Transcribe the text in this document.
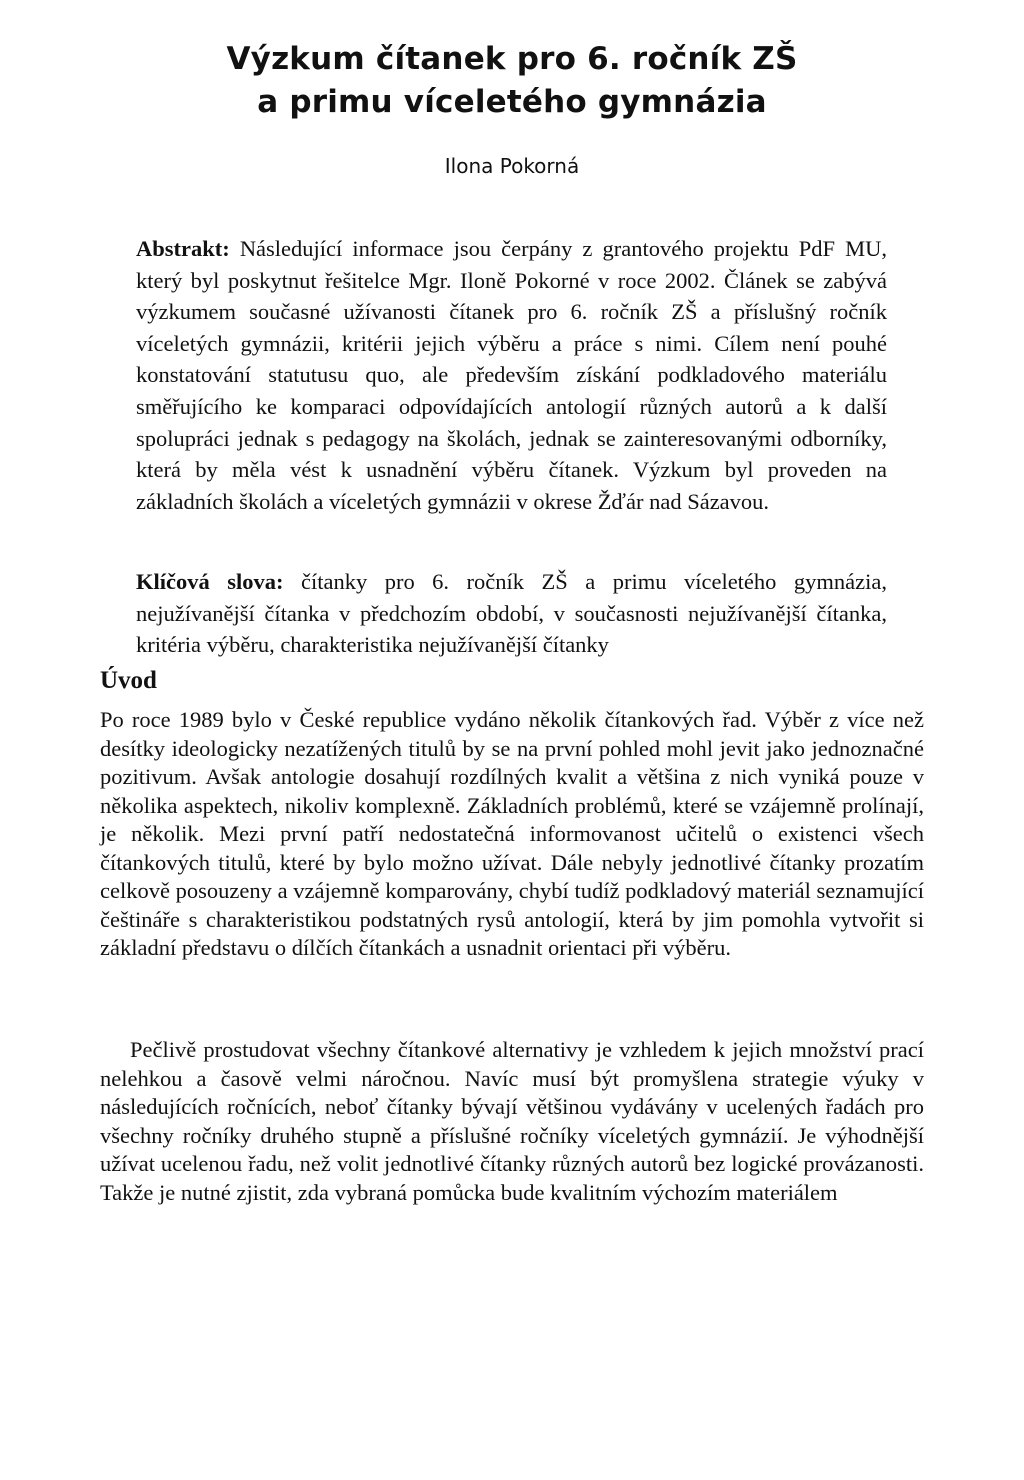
Výzkum čítanek pro 6. ročník ZŠ
a primu víceletého gymnázia
Ilona Pokorná

Abstrakt: Následující informace jsou čerpány z grantového projektu PdF MU, který byl poskytnut řešitelce Mgr. Iloně Pokorné v roce 2002. Článek se zabývá výzkumem současné užívanosti čítanek pro 6. ročník ZŠ a příslušný ročník víceletých gymnázii, kritérii jejich výběru a práce s nimi. Cílem není pouhé konstatování statutusu quo, ale především získání podkladového materiálu směřujícího ke komparaci odpovídajících antologií různých autorů a k další spolupráci jednak s pedagogy na školách, jednak se zainteresovanými odborníky, která by měla vést k usnadnění výběru čítanek. Výzkum byl proveden na základních školách a víceletých gymnázii v okrese Žďár nad Sázavou.

Klíčová slova: čítanky pro 6. ročník ZŠ a primu víceletého gymnázia, nejužívanější čítanka v předchozím období, v současnosti nejužívanější čítanka, kritéria výběru, charakteristika nejužívanější čítanky

Úvod

Po roce 1989 bylo v České republice vydáno několik čítankových řad. Výběr z více než desítky ideologicky nezatížených titulů by se na první pohled mohl jevit jako jednoznačné pozitivum. Avšak antologie dosahují rozdílných kvalit a většina z nich vyniká pouze v několika aspektech, nikoliv komplexně. Základních problémů, které se vzájemně prolínají, je několik. Mezi první patří nedostatečná informovanost učitelů o existenci všech čítankových titulů, které by bylo možno užívat. Dále nebyly jednotlivé čítanky prozatím celkově posouzeny a vzájemně komparovány, chybí tudíž podkladový materiál seznamující češtináře s charakteristikou podstatných rysů antologií, která by jim pomohla vytvořit si základní představu o dílčích čítankách a usnadnit orientaci při výběru.

Pečlivě prostudovat všechny čítankové alternativy je vzhledem k jejich množství prací nelehkou a časově velmi náročnou. Navíc musí být promyšlena strategie výuky v následujících ročnících, neboť čítanky bývají většinou vydávány v ucelených řadách pro všechny ročníky druhého stupně a příslušné ročníky víceletých gymnázií. Je výhodnější užívat ucelenou řadu, než volit jednotlivé čítanky různých autorů bez logické provázanosti. Takže je nutné zjistit, zda vybraná pomůcka bude kvalitním výchozím materiálem
